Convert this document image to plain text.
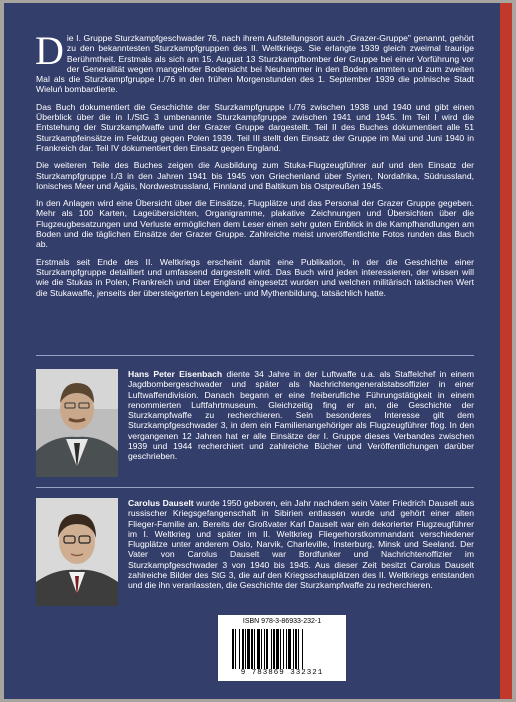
Die I. Gruppe Sturzkampfgeschwader 76, nach ihrem Aufstellungsort auch „Grazer-Gruppe" genannt, gehört zu den bekanntesten Sturzkampfgruppen des II. Weltkriegs. Sie erlangte 1939 gleich zweimal traurige Berühmtheit. Erstmals als sich am 15. August 13 Sturzkampfbomber der Gruppe bei einer Vorführung vor der Generalität wegen mangelnder Bodensicht bei Neuhammer in den Boden rammten und zum zweiten Mal als die Sturzkampfgruppe I./76 in den frühen Morgenstunden des 1. September 1939 die polnische Stadt Wieluń bombardierte.

Das Buch dokumentiert die Geschichte der Sturzkampfgruppe I./76 zwischen 1938 und 1940 und gibt einen Überblick über die in I./StG 3 umbenannte Sturzkampfgruppe zwischen 1941 und 1945. Im Teil I wird die Entstehung der Sturzkampfwaffe und der Grazer Gruppe dargestellt. Teil II des Buches dokumentiert alle 51 Sturzkampfeinsätze im Feldzug gegen Polen 1939. Teil III stellt den Einsatz der Gruppe im Mai und Juni 1940 in Frankreich dar. Teil IV dokumentiert den Einsatz gegen England.

Die weiteren Teile des Buches zeigen die Ausbildung zum Stuka-Flugzeugführer auf und den Einsatz der Sturzkampfgruppe I./3 in den Jahren 1941 bis 1945 von Griechenland über Syrien, Nordafrika, Südrussland, Ionisches Meer und Ägäis, Nordwestrussland, Finnland und Baltikum bis Ostpreußen 1945.

In den Anlagen wird eine Übersicht über die Einsätze, Flugplätze und das Personal der Grazer Gruppe gegeben. Mehr als 100 Karten, Lageübersichten, Organigramme, plakative Zeichnungen und Übersichten über die Flugzeugbesatzungen und Verluste ermöglichen dem Leser einen sehr guten Einblick in die Kampfhandlungen am Boden und die täglichen Einsätze der Grazer Gruppe. Zahlreiche meist unveröffentlichte Fotos runden das Buch ab.

Erstmals seit Ende des II. Weltkriegs erscheint damit eine Publikation, in der die Geschichte einer Sturzkampfgruppe detailliert und umfassend dargestellt wird. Das Buch wird jeden interessieren, der wissen will wie die Stukas in Polen, Frankreich und über England eingesetzt wurden und welchen militärisch taktischen Wert die Stukawaffe, jenseits der übersteigerten Legenden- und Mythenbildung, tatsächlich hatte.

Hans Peter Eisenbach diente 34 Jahre in der Luftwaffe u.a. als Staffelchef in einem Jagdbombergeschwader und später als Nachrichtengeneralstabsoffizier in einer Luftwaffendivision. Danach begann er eine freiberufliche Führungstätigkeit in einem renommierten Luftfahrtmuseum. Gleichzeitig fing er an, die Geschichte der Sturzkampfwaffe zu recherchieren. Sein besonderes Interesse gilt dem Sturzkampfgeschwader 3, in dem ein Familienangehöriger als Flugzeugführer flog. In den vergangenen 12 Jahren hat er alle Einsätze der I. Gruppe dieses Verbandes zwischen 1939 und 1944 recherchiert und zahlreiche Bücher und Veröffentlichungen darüber geschrieben.
Carolus Dauselt wurde 1950 geboren, ein Jahr nachdem sein Vater Friedrich Dauselt aus russischer Kriegsgefangenschaft in Sibirien entlassen wurde und gehört einer alten Flieger-Familie an. Bereits der Großvater Karl Dauselt war ein dekorierter Flugzeugführer im I. Weltkrieg und später im II. Weltkrieg Fliegerhorstkommandant verschiedener Flugplätze unter anderem Oslo, Narvik, Charleville, Insterburg, Minsk und Seeland. Der Vater von Carolus Dauselt war Bordfunker und Nachrichtenoffizier im Sturzkampfgeschwader 3 von 1940 bis 1945. Aus dieser Zeit besitzt Carolus Dauselt zahlreiche Bilder des StG 3, die auf den Kriegsschauplätzen des II. Weltkriegs entstanden und die ihn veranlassten, die Geschichte der Sturzkampfwaffe zu recherchieren.
ISBN 978-3-86933-232-1
9 783869 332321
